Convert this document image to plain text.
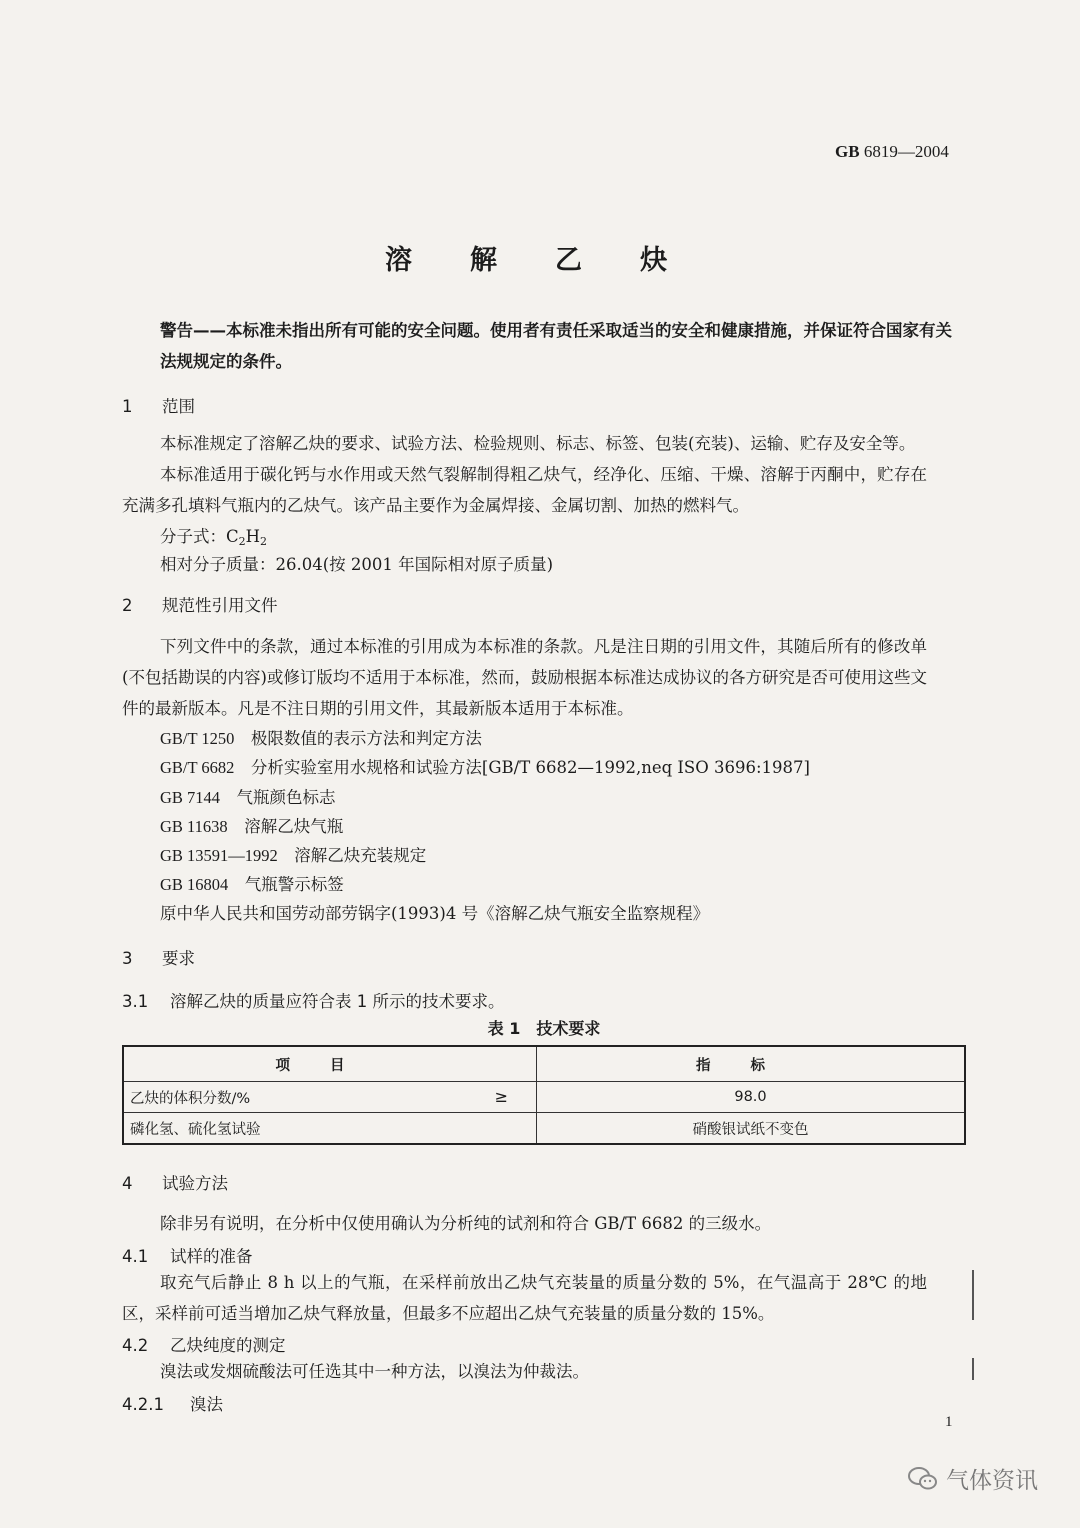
GB 6819—2004
溶解乙炔
警告——本标准未指出所有可能的安全问题。使用者有责任采取适当的安全和健康措施，并保证符合国家有关法规规定的条件。
1 范围
本标准规定了溶解乙炔的要求、试验方法、检验规则、标志、标签、包装(充装)、运输、贮存及安全等。
本标准适用于碳化钙与水作用或天然气裂解制得粗乙炔气，经净化、压缩、干燥、溶解于丙酮中，贮存在充满多孔填料气瓶内的乙炔气。该产品主要作为金属焊接、金属切割、加热的燃料气。
分子式：$C_2H_2$
相对分子质量：26.04(按 2001 年国际相对原子质量)
2 规范性引用文件
下列文件中的条款，通过本标准的引用成为本标准的条款。凡是注日期的引用文件，其随后所有的修改单(不包括勘误的内容)或修订版均不适用于本标准，然而，鼓励根据本标准达成协议的各方研究是否可使用这些文件的最新版本。凡是不注日期的引用文件，其最新版本适用于本标准。
GB/T 1250　 极限数值的表示方法和判定方法
GB/T 6682　 分析实验室用水规格和试验方法[GB/T 6682—1992,neq ISO 3696:1987]
GB 7144　 气瓶颜色标志
GB 11638　 溶解乙炔气瓶
GB 13591—1992　 溶解乙炔充装规定
GB 16804　 气瓶警示标签
原中华人民共和国劳动部劳锅字(1993)4 号《溶解乙炔气瓶安全监察规程》
3 要求
3.1 溶解乙炔的质量应符合表 1 所示的技术要求。
表 1　技术要求
项目	指标
乙炔的体积分数/% ≥	98.0
磷化氢、硫化氢试验	硝酸银试纸不变色
4 试验方法
除非另有说明，在分析中仅使用确认为分析纯的试剂和符合 GB/T 6682 的三级水。
4.1 试样的准备
取充气后静止 8 h 以上的气瓶，在采样前放出乙炔气充装量的质量分数的 5%，在气温高于 28℃ 的地区，采样前可适当增加乙炔气释放量，但最多不应超出乙炔气充装量的质量分数的 15%。
4.2 乙炔纯度的测定
溴法或发烟硫酸法可任选其中一种方法，以溴法为仲裁法。
4.2.1 溴法
1
气体资讯
